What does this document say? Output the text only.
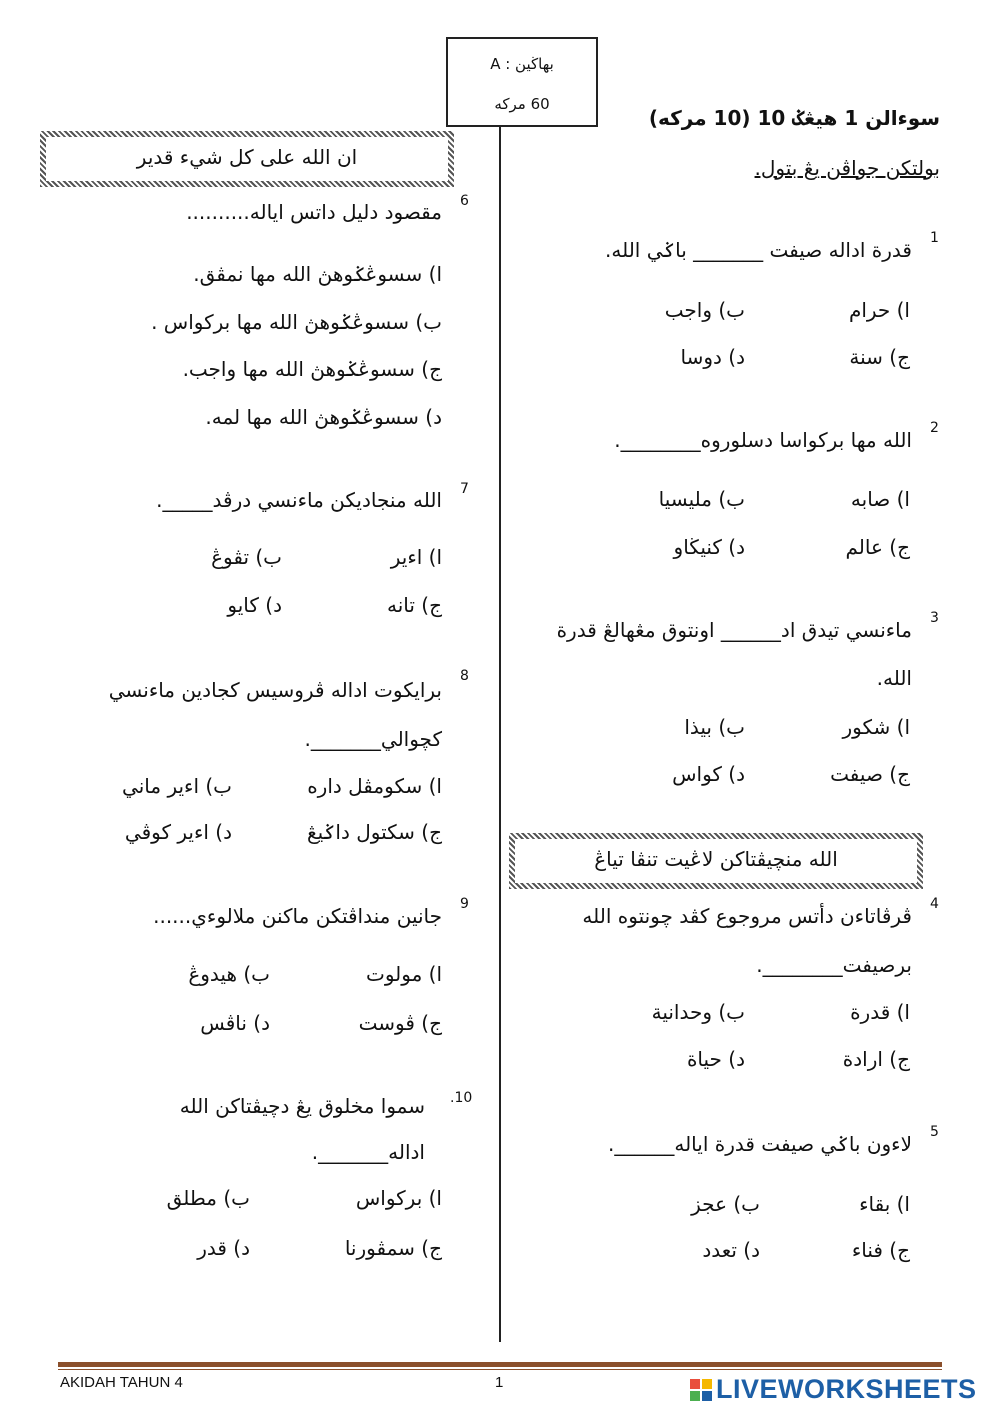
بهاڬين : A
60 مركه
سوءالن 1 هيڠݢ 10 (10 مركه)
بولتكن جواڤن يڠ بتول.
1
قدرة اداله صيفت _______ باݢي الله.
ا) حرام
ب) واجب
ج) سنة
د) دوسا
2
الله مها بركواسا دسلوروه________.
ا) صابه
ب) مليسيا
ج) عالم
د) كنيڬاو
3
ماءنسي تيدق اد______ اونتوق مڠهالڠ قدرة
الله.
ا) شكور
ب) بيذا
ج) صيفت
د) كواس
الله منچيڤتاكن لاڠيت تنڤا تياڠ
4
ڤرڤاتاءن دأتس مروجوع كڤد چونتوه الله
برصيفت________.
ا) قدرة
ب) وحدانية
ج) ارادة
د) حياة
5
لاءون باݢي صيفت قدرة اياله______.
ا) بقاء
ب) عجز
ج) فناء
د) تعدد
ان الله على كل شيء قدير
6
مقصود دليل داتس اياله..........
ا) سسوڠݢوهڽ الله مها نمڤق.
ب) سسوڠݢوهڽ الله مها بركواس .
ج) سسوڠݢوهڽ الله مها واجب.
د) سسوڠݢوهڽ الله مها لمه.
7
الله منجاديكن ماءنسي درڤد_____.
ا) اءير
ب) تڤوڠ
ج) تانه
د) كايو
8
برايكوت اداله ڤروسيس كجادين ماءنسي
كچوالي_______.
ا) سكومڤل داره
ب) اءير ماني
ج) سكتول داݢيڠ
د) اءير كوڤي
9
جانين منداڤتكن ماكنن ملالوءي......
ا) مولوت
ب) هيدوڠ
ج) ڤوست
د) ناڤس
.10
سموا مخلوق يڠ دچيڤتاكن الله
اداله_______.
ا) بركواس
ب) مطلق
ج) سمڤورنا
د) قدر
AKIDAH TAHUN 4	1	LIVEWORKSHEETS
